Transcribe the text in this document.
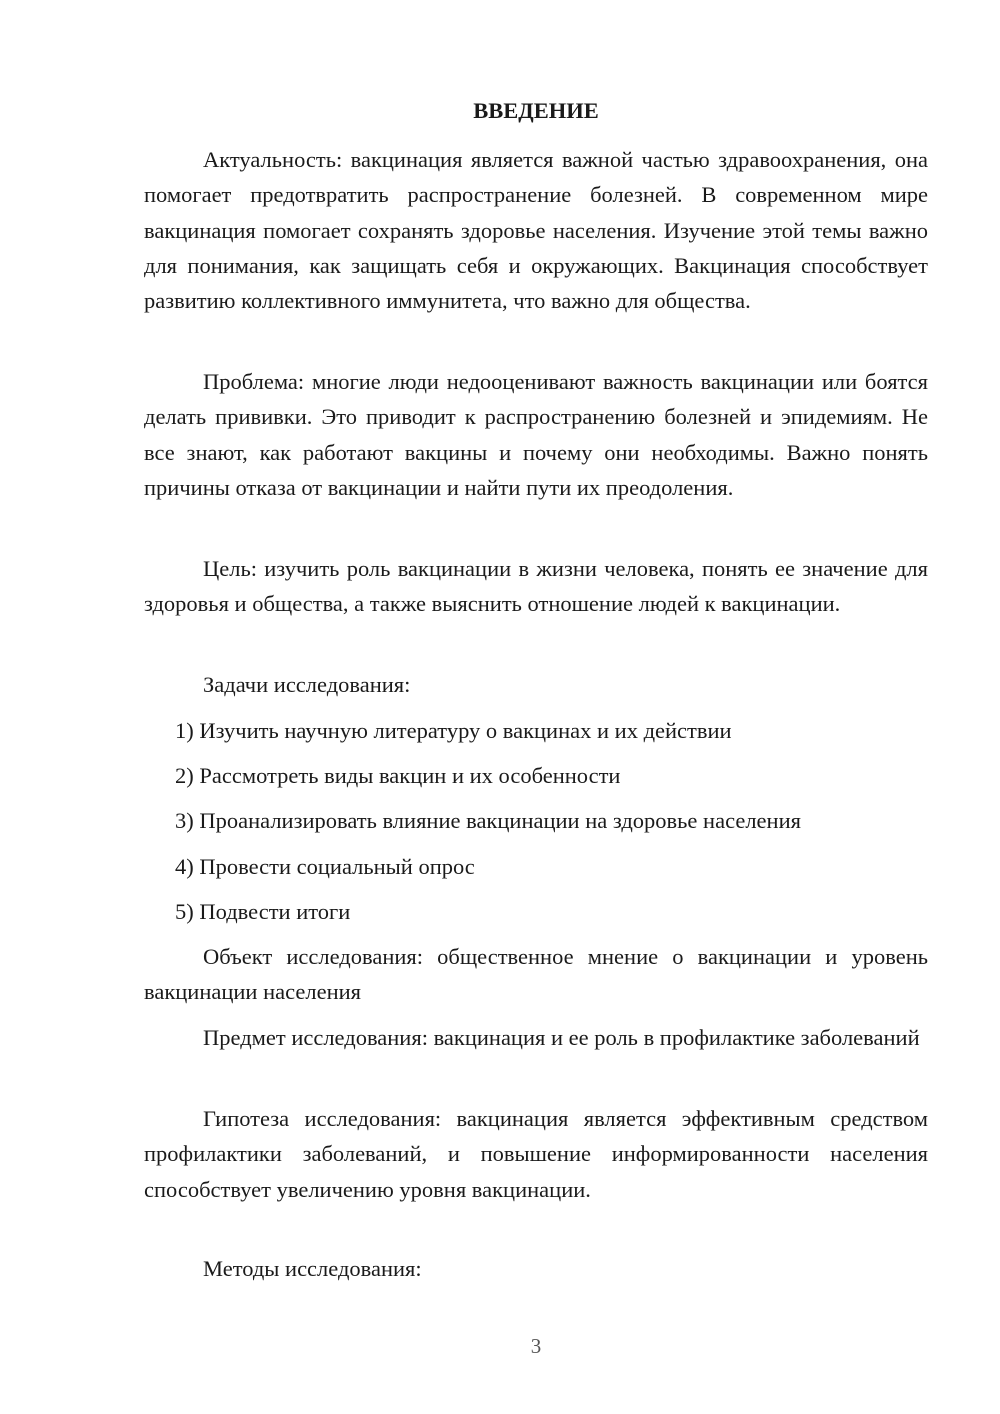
ВВЕДЕНИЕ

Актуальность: вакцинация является важной частью здравоохранения, она помогает предотвратить распространение болезней. В современном мире вакцинация помогает сохранять здоровье населения. Изучение этой темы важно для понимания, как защищать себя и окружающих. Вакцинация способствует развитию коллективного иммунитета, что важно для общества.

Проблема: многие люди недооценивают важность вакцинации или боятся делать прививки. Это приводит к распространению болезней и эпидемиям. Не все знают, как работают вакцины и почему они необходимы. Важно понять причины отказа от вакцинации и найти пути их преодоления.

Цель: изучить роль вакцинации в жизни человека, понять ее значение для здоровья и общества, а также выяснить отношение людей к вакцинации.

Задачи исследования:

1) Изучить научную литературу о вакцинах и их действии

2) Рассмотреть виды вакцин и их особенности

3) Проанализировать влияние вакцинации на здоровье населения

4) Провести социальный опрос

5) Подвести итоги

Объект исследования: общественное мнение о вакцинации и уровень вакцинации населения

Предмет исследования: вакцинация и ее роль в профилактике заболеваний

Гипотеза исследования: вакцинация является эффективным средством профилактики заболеваний, и повышение информированности населения способствует увеличению уровня вакцинации.

Методы исследования:

3
